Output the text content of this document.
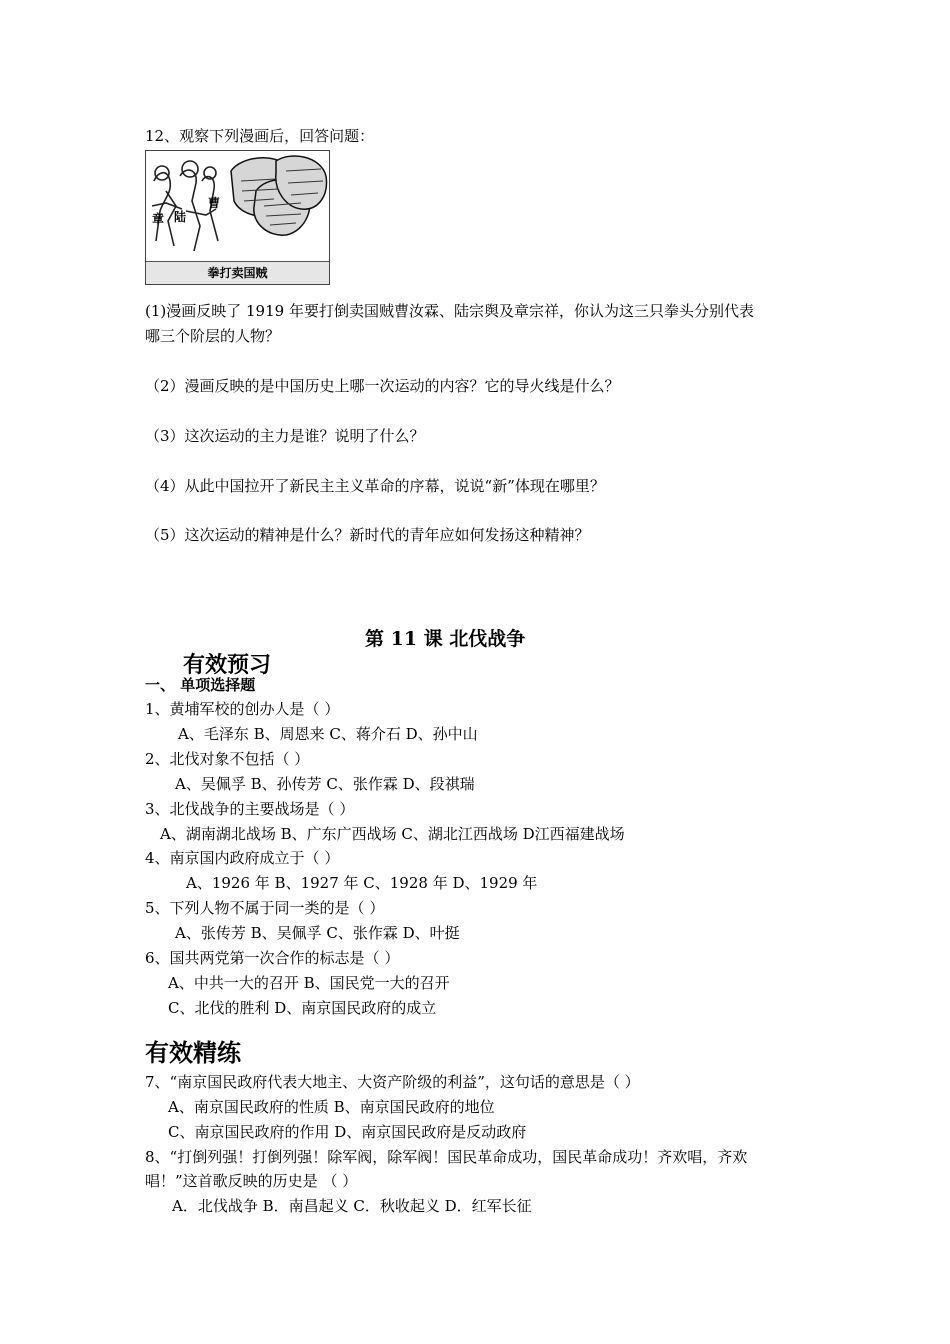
12、观察下列漫画后，回答问题：
曹
陆
章
拳打卖国贼
(1)漫画反映了 1919 年要打倒卖国贼曹汝霖、陆宗舆及章宗祥，你认为这三只拳头分别代表
哪三个阶层的人物？
（2）漫画反映的是中国历史上哪一次运动的内容？它的导火线是什么？
（3）这次运动的主力是谁？说明了什么？
（4）从此中国拉开了新民主主义革命的序幕，说说“新”体现在哪里？
（5）这次运动的精神是什么？新时代的青年应如何发扬这种精神？
第 11 课 北伐战争
有效预习
一、 单项选择题
1、黄埔军校的创办人是（ ）
A、毛泽东 B、周恩来 C、蒋介石 D、孙中山
2、北伐对象不包括（ ）
A、吴佩孚 B、孙传芳 C、张作霖 D、段祺瑞
3、北伐战争的主要战场是（ ）
A、湖南湖北战场 B、广东广西战场 C、湖北江西战场 D江西福建战场
4、南京国内政府成立于（ ）
A、1926 年 B、1927 年 C、1928 年 D、1929 年
5、下列人物不属于同一类的是（ ）
A、张传芳 B、吴佩孚 C、张作霖 D、叶挺
6、国共两党第一次合作的标志是（ ）
A、中共一大的召开 B、国民党一大的召开
C、北伐的胜利 D、南京国民政府的成立
有效精练
7、“南京国民政府代表大地主、大资产阶级的利益”，这句话的意思是（ ）
A、南京国民政府的性质 B、南京国民政府的地位
C、南京国民政府的作用 D、南京国民政府是反动政府
8、“打倒列强！打倒列强！除军阀，除军阀！国民革命成功，国民革命成功！齐欢唱，齐欢
唱！”这首歌反映的历史是 （ ）
A．北伐战争 B．南昌起义 C．秋收起义 D．红军长征
